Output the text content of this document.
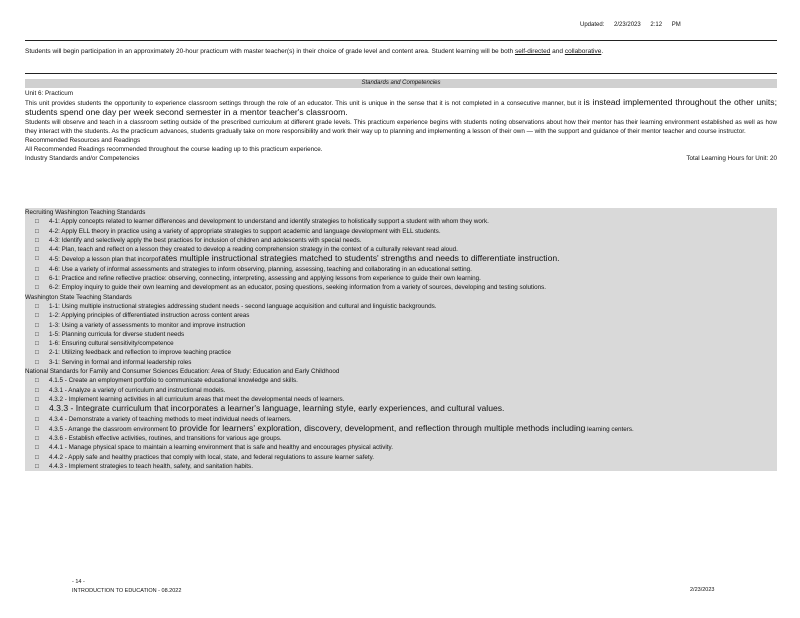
Updated: 2/23/2023 2:12 PM
Students will begin participation in an approximately 20-hour practicum with master teacher(s) in their choice of grade level and content area. Student learning will be both self-directed and collaborative.
Standards and Competencies

Unit 6: Practicum

This unit provides students the opportunity to experience classroom settings through the role of an educator. This unit is unique in the sense that it is not completed in a consecutive manner, but it is instead implemented throughout the other units; students spend one day per week second semester in a mentor teacher's classroom.

Students will observe and teach in a classroom setting outside of the prescribed curriculum at different grade levels. This practicum experience begins with students noting observations about how their mentor has their learning environment established as well as how they interact with the students. As the practicum advances, students gradually take on more responsibility and work their way up to planning and implementing a lesson of their own — with the support and guidance of their mentor teacher and course instructor.

Recommended Resources and Readings

All Recommended Readings recommended throughout the course leading up to this practicum experience.

Industry Standards and/or Competencies	Total Learning Hours for Unit: 20
Recruiting Washington Teaching Standards
□	4-1: Apply concepts related to learner differences and development to understand and identify strategies to holistically support a student with whom they work.
□	4-2: Apply ELL theory in practice using a variety of appropriate strategies to support academic and language development with ELL students.
□	4-3: Identify and selectively apply the best practices for inclusion of children and adolescents with special needs.
□	4-4: Plan, teach and reflect on a lesson they created to develop a reading comprehension strategy in the context of a culturally relevant read aloud.
□	4-5: Develop a lesson plan that incorporates multiple instructional strategies matched to students' strengths and needs to differentiate instruction.
□	4-6: Use a variety of informal assessments and strategies to inform observing, planning, assessing, teaching and collaborating in an educational setting.
□	6-1: Practice and refine reflective practice: observing, connecting, interpreting, assessing and applying lessons from experience to guide their own learning.
□	6-2: Employ inquiry to guide their own learning and development as an educator, posing questions, seeking information from a variety of sources, developing and testing solutions.
Washington State Teaching Standards
□	1-1: Using multiple instructional strategies addressing student needs - second language acquisition and cultural and linguistic backgrounds.
□	1-2: Applying principles of differentiated instruction across content areas
□	1-3: Using a variety of assessments to monitor and improve instruction
□	1-5: Planning curricula for diverse student needs
□	1-6: Ensuring cultural sensitivity/competence
□	2-1: Utilizing feedback and reflection to improve teaching practice
□	3-1: Serving in formal and informal leadership roles
National Standards for Family and Consumer Sciences Education: Area of Study: Education and Early Childhood
□	4.1.5 - Create an employment portfolio to communicate educational knowledge and skills.
□	4.3.1 - Analyze a variety of curriculum and instructional models.
□	4.3.2 - Implement learning activities in all curriculum areas that meet the developmental needs of learners.
□	4.3.3 - Integrate curriculum that incorporates a learner's language, learning style, early experiences, and cultural values.
□	4.3.4 - Demonstrate a variety of teaching methods to meet individual needs of learners.
□	4.3.5 - Arrange the classroom environment to provide for learners' exploration, discovery, development, and reflection through multiple methods including learning centers.
□	4.3.6 - Establish effective activities, routines, and transitions for various age groups.
□	4.4.1 - Manage physical space to maintain a learning environment that is safe and healthy and encourages physical activity.
□	4.4.2 - Apply safe and healthy practices that comply with local, state, and federal regulations to assure learner safety.
□	4.4.3 - Implement strategies to teach health, safety, and sanitation habits.
- 14 -
INTRODUCTION TO EDUCATION - 08.2022	2/23/2023
